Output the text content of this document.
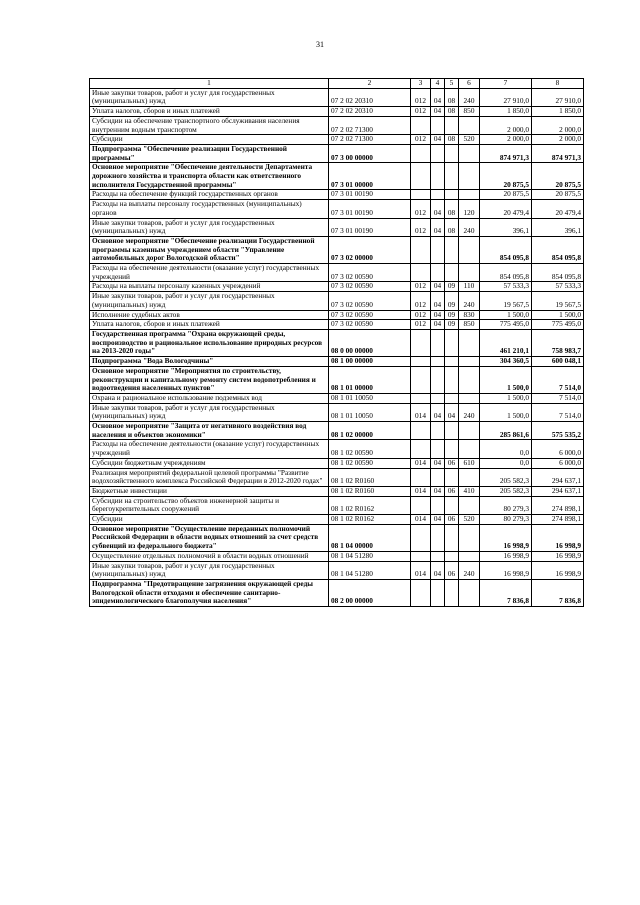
31
1	2	3	4	5	6	7	8
Иные закупки товаров, работ и услуг для государственных (муниципальных) нужд	07 2 02 20310	012	04	08	240	27 910,0	27 910,0
Уплата налогов, сборов и иных платежей	07 2 02 20310	012	04	08	850	1 850,0	1 850,0
Субсидии на обеспечение транспортного обслуживания населения внутренним водным транспортом	07 2 02 71300					2 000,0	2 000,0
Субсидии	07 2 02 71300	012	04	08	520	2 000,0	2 000,0
Подпрограмма "Обеспечение реализации Государственной программы"	07 3 00 00000					874 971,3	874 971,3
Основное мероприятие "Обеспечение деятельности Департамента дорожного хозяйства и транспорта области как ответственного исполнителя Государственной программы"	07 3 01 00000					20 875,5	20 875,5
Расходы на обеспечение функций государственных органов	07 3 01 00190					20 875,5	20 875,5
Расходы на выплаты персоналу государственных (муниципальных) органов	07 3 01 00190	012	04	08	120	20 479,4	20 479,4
Иные закупки товаров, работ и услуг для государственных (муниципальных) нужд	07 3 01 00190	012	04	08	240	396,1	396,1
Основное мероприятие "Обеспечение реализации Государственной программы казенным учреждением области "Управление автомобильных дорог Вологодской области"	07 3 02 00000					854 095,8	854 095,8
Расходы на обеспечение деятельности (оказание услуг) государственных учреждений	07 3 02 00590					854 095,8	854 095,8
Расходы на выплаты персоналу казенных учреждений	07 3 02 00590	012	04	09	110	57 533,3	57 533,3
Иные закупки товаров, работ и услуг для государственных (муниципальных) нужд	07 3 02 00590	012	04	09	240	19 567,5	19 567,5
Исполнение судебных актов	07 3 02 00590	012	04	09	830	1 500,0	1 500,0
Уплата налогов, сборов и иных платежей	07 3 02 00590	012	04	09	850	775 495,0	775 495,0
Государственная программа "Охрана окружающей среды, воспроизводство и рациональное использование природных ресурсов на 2013-2020 годы"	08 0 00 00000					461 210,1	758 983,7
Подпрограмма "Вода Вологодчины"	08 1 00 00000					304 360,5	600 048,1
Основное мероприятие "Мероприятия по строительству, реконструкции и капитальному ремонту систем водопотребления и водоотведения населенных пунктов"	08 1 01 00000					1 500,0	7 514,0
Охрана и рациональное использование подземных вод	08 1 01 10050					1 500,0	7 514,0
Иные закупки товаров, работ и услуг для государственных (муниципальных) нужд	08 1 01 10050	014	04	04	240	1 500,0	7 514,0
Основное мероприятие "Защита от негативного воздействия вод населения и объектов экономики"	08 1 02 00000					285 861,6	575 535,2
Расходы на обеспечение деятельности (оказание услуг) государственных учреждений	08 1 02 00590					0,0	6 000,0
Субсидии бюджетным учреждениям	08 1 02 00590	014	04	06	610	0,0	6 000,0
Реализация мероприятий федеральной целевой программы "Развитие водохозяйственного комплекса Российской Федерации в 2012-2020 годах"	08 1 02 R0160					205 582,3	294 637,1
Бюджетные инвестиции	08 1 02 R0160	014	04	06	410	205 582,3	294 637,1
Субсидии на строительство объектов инженерной защиты и берегоукрепительных сооружений	08 1 02 R0162					80 279,3	274 898,1
Субсидии	08 1 02 R0162	014	04	06	520	80 279,3	274 898,1
Основное мероприятие "Осуществление переданных полномочий Российской Федерации в области водных отношений за счет средств субвенций из федерального бюджета"	08 1 04 00000					16 998,9	16 998,9
Осуществление отдельных полномочий в области водных отношений	08 1 04 51280					16 998,9	16 998,9
Иные закупки товаров, работ и услуг для государственных (муниципальных) нужд	08 1 04 51280	014	04	06	240	16 998,9	16 998,9
Подпрограмма "Предотвращение загрязнения окружающей среды Вологодской области отходами и обеспечение санитарно-эпидемиологического благополучия населения"	08 2 00 00000					7 836,8	7 836,8
